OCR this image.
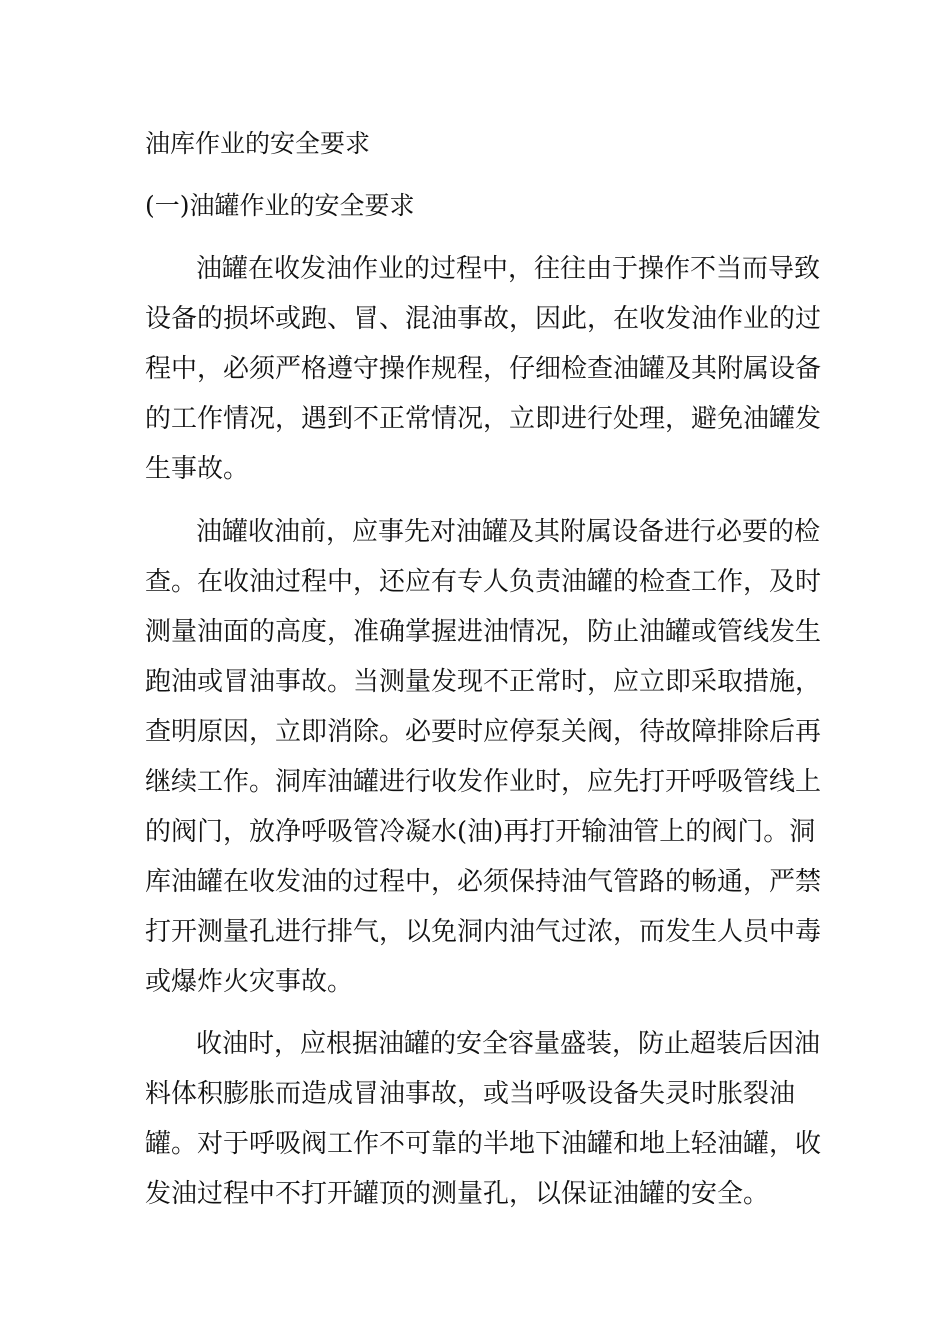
油库作业的安全要求

(一)油罐作业的安全要求

油罐在收发油作业的过程中，往往由于操作不当而导致

设备的损坏或跑、冒、混油事故，因此，在收发油作业的过

程中，必须严格遵守操作规程，仔细检查油罐及其附属设备

的工作情况，遇到不正常情况，立即进行处理，避免油罐发

生事故。

油罐收油前，应事先对油罐及其附属设备进行必要的检

查。在收油过程中，还应有专人负责油罐的检查工作，及时

测量油面的高度，准确掌握进油情况，防止油罐或管线发生

跑油或冒油事故。当测量发现不正常时，应立即采取措施，

查明原因，立即消除。必要时应停泵关阀，待故障排除后再

继续工作。洞库油罐进行收发作业时，应先打开呼吸管线上

的阀门，放净呼吸管冷凝水(油)再打开输油管上的阀门。洞

库油罐在收发油的过程中，必须保持油气管路的畅通，严禁

打开测量孔进行排气，以免洞内油气过浓，而发生人员中毒

或爆炸火灾事故。

收油时，应根据油罐的安全容量盛装，防止超装后因油

料体积膨胀而造成冒油事故，或当呼吸设备失灵时胀裂油

罐。对于呼吸阀工作不可靠的半地下油罐和地上轻油罐，收

发油过程中不打开罐顶的测量孔，以保证油罐的安全。
